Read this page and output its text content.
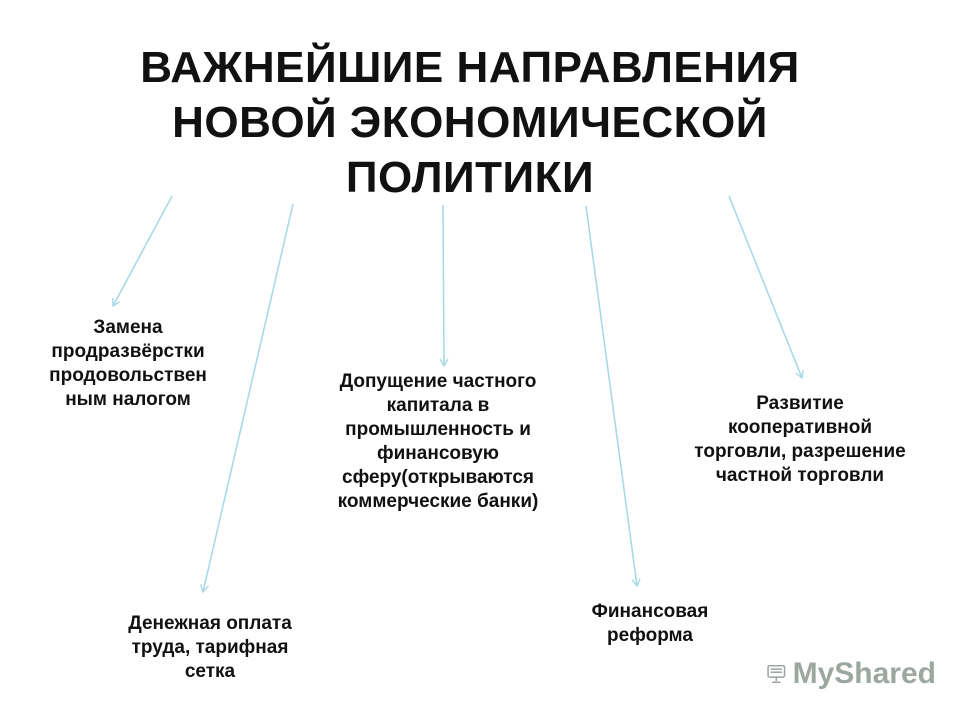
ВАЖНЕЙШИЕ НАПРАВЛЕНИЯ
НОВОЙ ЭКОНОМИЧЕСКОЙ
ПОЛИТИКИ
Замена
продразвёрстки
продовольствен
ным налогом
Денежная оплата
труда, тарифная
сетка
Допущение частного
капитала в
промышленность и
финансовую
сферу(открываются
коммерческие банки)
Финансовая
реформа
Развитие
кооперативной
торговли, разрешение
частной торговли
MyShared
